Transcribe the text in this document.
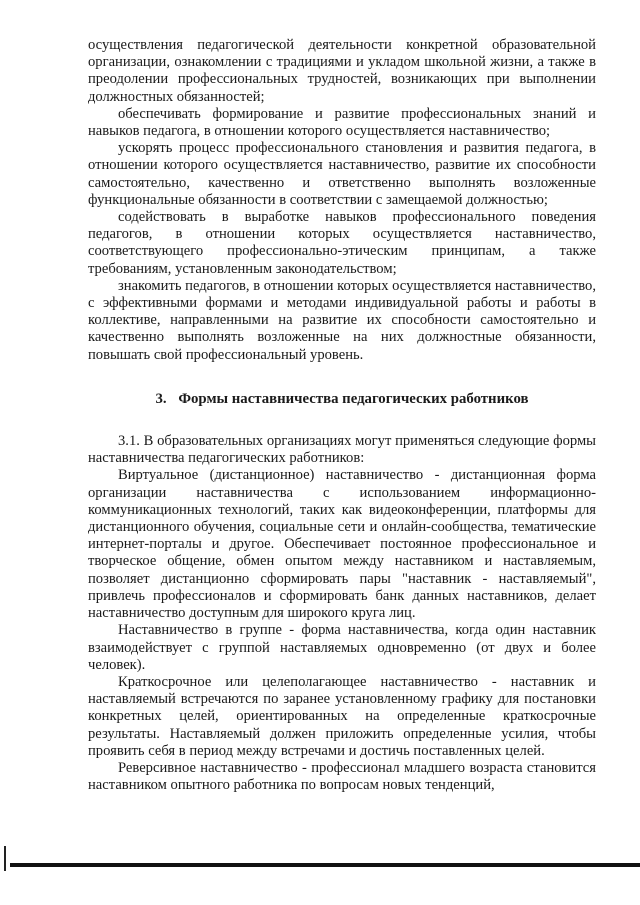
осуществления педагогической деятельности конкретной образовательной организации, ознакомлении с традициями и укладом школьной жизни, а также в преодолении профессиональных трудностей, возникающих при выполнении должностных обязанностей;

обеспечивать формирование и развитие профессиональных знаний и навыков педагога, в отношении которого осуществляется наставничество;

ускорять процесс профессионального становления и развития педагога, в отношении которого осуществляется наставничество, развитие их способности самостоятельно, качественно и ответственно выполнять возложенные функциональные обязанности в соответствии с замещаемой должностью;

содействовать в выработке навыков профессионального поведения педагогов, в отношении которых осуществляется наставничество, соответствующего профессионально-этическим принципам, а также требованиям, установленным законодательством;

знакомить педагогов, в отношении которых осуществляется наставничество, с эффективными формами и методами индивидуальной работы и работы в коллективе, направленными на развитие их способности самостоятельно и качественно выполнять возложенные на них должностные обязанности, повышать свой профессиональный уровень.

3. Формы наставничества педагогических работников

3.1. В образовательных организациях могут применяться следующие формы наставничества педагогических работников:

Виртуальное (дистанционное) наставничество - дистанционная форма организации наставничества с использованием информационно-коммуникационных технологий, таких как видеоконференции, платформы для дистанционного обучения, социальные сети и онлайн-сообщества, тематические интернет-порталы и другое. Обеспечивает постоянное профессиональное и творческое общение, обмен опытом между наставником и наставляемым, позволяет дистанционно сформировать пары "наставник - наставляемый", привлечь профессионалов и сформировать банк данных наставников, делает наставничество доступным для широкого круга лиц.

Наставничество в группе - форма наставничества, когда один наставник взаимодействует с группой наставляемых одновременно (от двух и более человек).

Краткосрочное или целеполагающее наставничество - наставник и наставляемый встречаются по заранее установленному графику для постановки конкретных целей, ориентированных на определенные краткосрочные результаты. Наставляемый должен приложить определенные усилия, чтобы проявить себя в период между встречами и достичь поставленных целей.

Реверсивное наставничество - профессионал младшего возраста становится наставником опытного работника по вопросам новых тенденций,
